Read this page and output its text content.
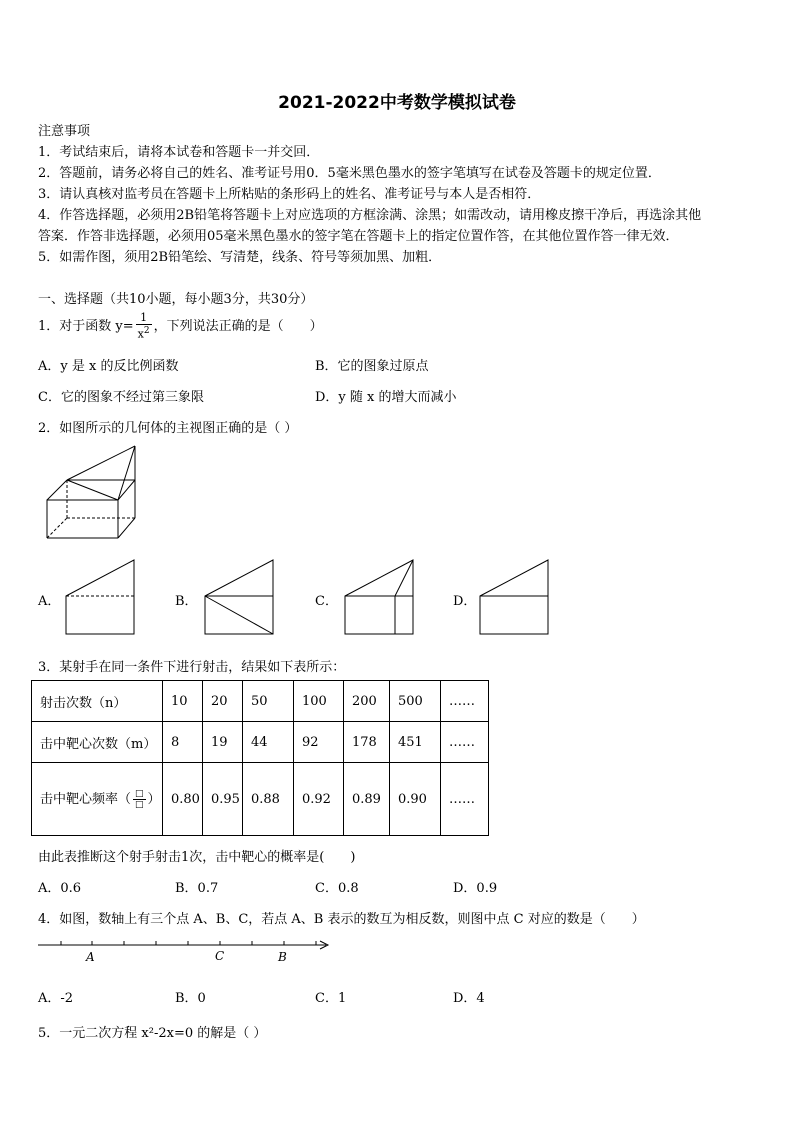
2021-2022中考数学模拟试卷
注意事项
1．考试结束后，请将本试卷和答题卡一并交回．
2．答题前，请务必将自己的姓名、准考证号用0．5毫米黑色墨水的签字笔填写在试卷及答题卡的规定位置．
3．请认真核对监考员在答题卡上所粘贴的条形码上的姓名、准考证号与本人是否相符．
4．作答选择题，必须用2B铅笔将答题卡上对应选项的方框涂满、涂黑；如需改动，请用橡皮擦干净后，再选涂其他
答案．作答非选择题，必须用05毫米黑色墨水的签字笔在答题卡上的指定位置作答，在其他位置作答一律无效．
5．如需作图，须用2B铅笔绘、写清楚，线条、符号等须加黑、加粗．
一、选择题（共10小题，每小题3分，共30分）
1．对于函数 $y= \frac{1}{x^2}$ ，下列说法正确的是（　　）
A．y 是 x 的反比例函数	B．它的图象过原点
C．它的图象不经过第三象限	D．y 随 x 的增大而减小
2．如图所示的几何体的主视图正确的是（ ）
A．	B．	C．	D．
3．某射手在同一条件下进行射击，结果如下表所示：
射击次数（n）	10	20	50	100	200	500	……
击中靶心次数（m）	8	19	44	92	178	451	……
击中靶心频率（ $\frac{□}{□}$ ）	0.80	0.95	0.88	0.92	0.89	0.90	……
由此表推断这个射手射击1次，击中靶心的概率是(　　)
A．0.6	B．0.7	C．0.8	D．0.9
4．如图，数轴上有三个点 A、B、C，若点 A、B 表示的数互为相反数，则图中点 C 对应的数是（　　）
A	C	B
A．-2	B．0	C．1	D．4
5．一元二次方程 x²-2x=0 的解是（ ）
